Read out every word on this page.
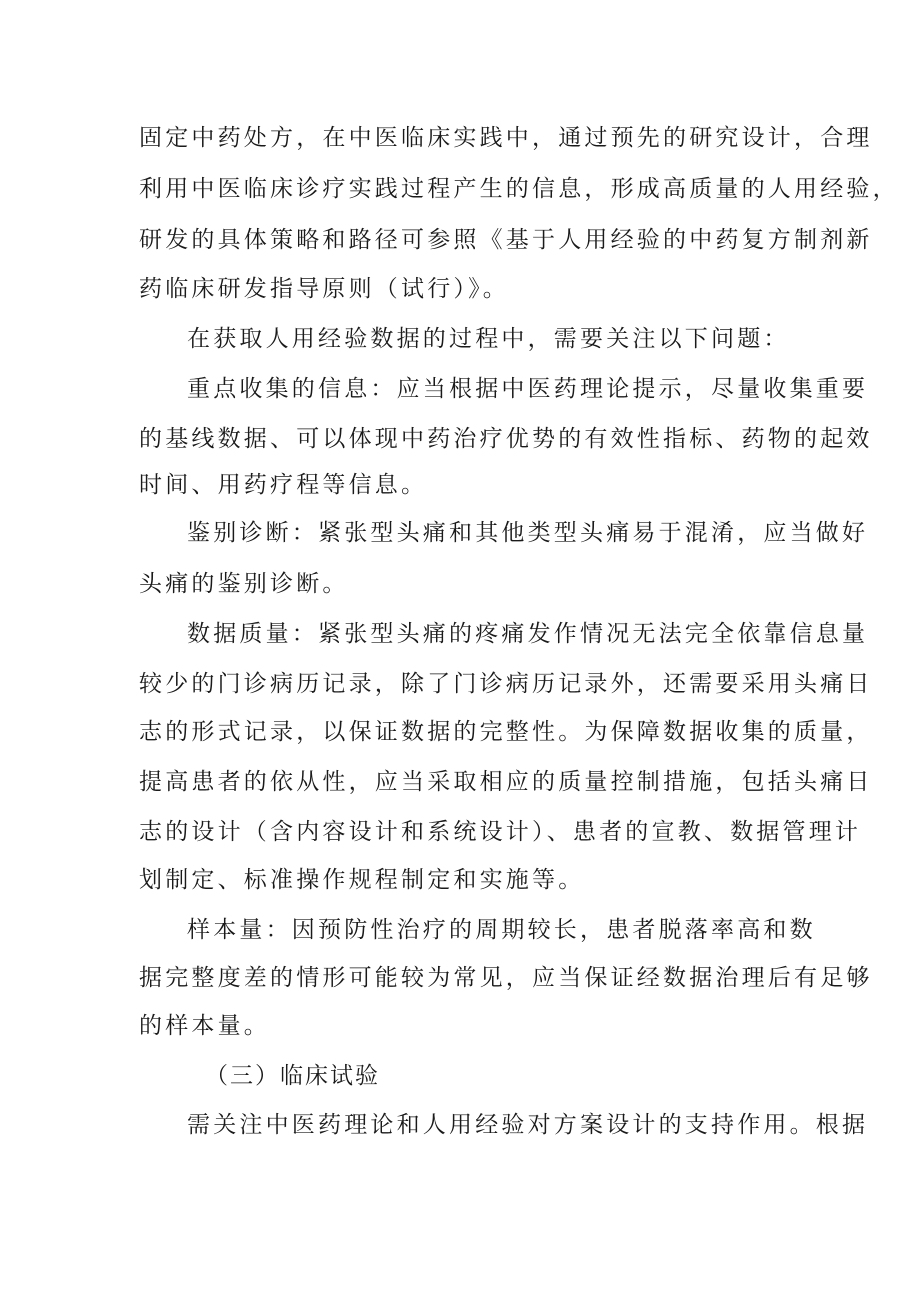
固定中药处方，在中医临床实践中，通过预先的研究设计，合理
利用中医临床诊疗实践过程产生的信息，形成高质量的人用经验，
研发的具体策略和路径可参照《基于人用经验的中药复方制剂新
药临床研发指导原则（试行）》。
在获取人用经验数据的过程中，需要关注以下问题：
重点收集的信息：应当根据中医药理论提示，尽量收集重要
的基线数据、可以体现中药治疗优势的有效性指标、药物的起效
时间、用药疗程等信息。
鉴别诊断：紧张型头痛和其他类型头痛易于混淆，应当做好
头痛的鉴别诊断。
数据质量：紧张型头痛的疼痛发作情况无法完全依靠信息量
较少的门诊病历记录，除了门诊病历记录外，还需要采用头痛日
志的形式记录，以保证数据的完整性。为保障数据收集的质量，
提高患者的依从性，应当采取相应的质量控制措施，包括头痛日
志的设计（含内容设计和系统设计）、患者的宣教、数据管理计
划制定、标准操作规程制定和实施等。
样本量：因预防性治疗的周期较长，患者脱落率高和数
据完整度差的情形可能较为常见，应当保证经数据治理后有足够
的样本量。
（三）临床试验
需关注中医药理论和人用经验对方案设计的支持作用。根据
